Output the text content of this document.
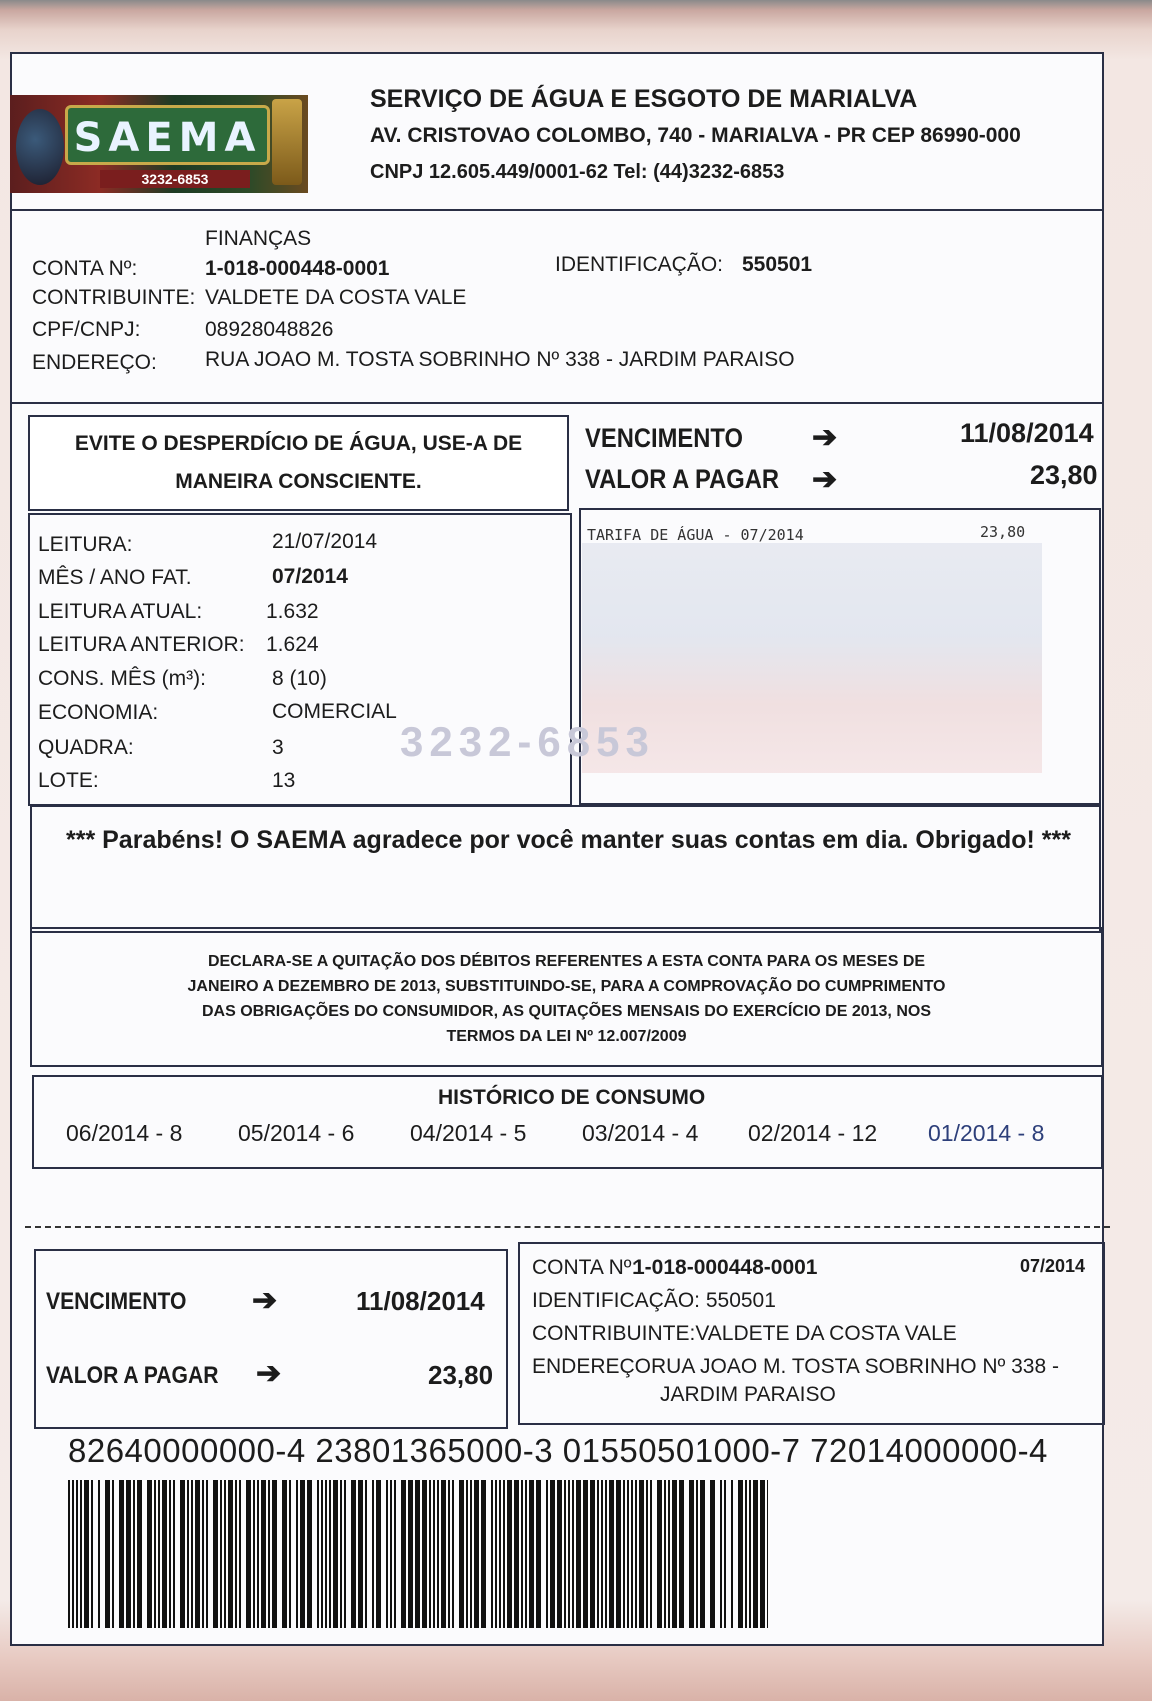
SAEMA
3232-6853
SERVIÇO DE ÁGUA E ESGOTO DE MARIALVA
AV. CRISTOVAO COLOMBO, 740 - MARIALVA - PR CEP 86990-000
CNPJ 12.605.449/0001-62 Tel: (44)3232-6853
FINANÇAS
CONTA Nº:	1-018-000448-0001	IDENTIFICAÇÃO: 550501
CONTRIBUINTE: VALDETE DA COSTA VALE
CPF/CNPJ:	08928048826
ENDEREÇO: RUA JOAO M. TOSTA SOBRINHO Nº 338 - JARDIM PARAISO
EVITE O DESPERDÍCIO DE ÁGUA, USE-A DE
MANEIRA CONSCIENTE.
VENCIMENTO ➔	11/08/2014
VALOR A PAGAR ➔	23,80
LEITURA:	21/07/2014
MÊS / ANO FAT.	07/2014
LEITURA ATUAL:	1.632
LEITURA ANTERIOR: 1.624
CONS. MÊS (m³):	8 (10)
ECONOMIA:	COMERCIAL
QUADRA:	3
LOTE:	13
3232-6853
TARIFA DE ÁGUA - 07/2014	23,80
*** Parabéns! O SAEMA agradece por você manter suas contas em dia. Obrigado! ***
DECLARA-SE A QUITAÇÃO DOS DÉBITOS REFERENTES A ESTA CONTA PARA OS MESES DE
JANEIRO A DEZEMBRO DE 2013, SUBSTITUINDO-SE, PARA A COMPROVAÇÃO DO CUMPRIMENTO
DAS OBRIGAÇÕES DO CONSUMIDOR, AS QUITAÇÕES MENSAIS DO EXERCÍCIO DE 2013, NOS
TERMOS DA LEI Nº 12.007/2009
HISTÓRICO DE CONSUMO
06/2014 - 8 05/2014 - 6 04/2014 - 5 03/2014 - 4 02/2014 - 12 01/2014 - 8
VENCIMENTO ➔	11/08/2014
VALOR A PAGAR ➔	23,80
CONTA Nº:
1-018-000448-0001	07/2014
IDENTIFICAÇÃO: 550501
CONTRIBUINTE:VALDETE DA COSTA VALE
ENDEREÇORUA JOAO M. TOSTA SOBRINHO Nº 338 -
JARDIM PARAISO
82640000000-4 23801365000-3 01550501000-7 72014000000-4
